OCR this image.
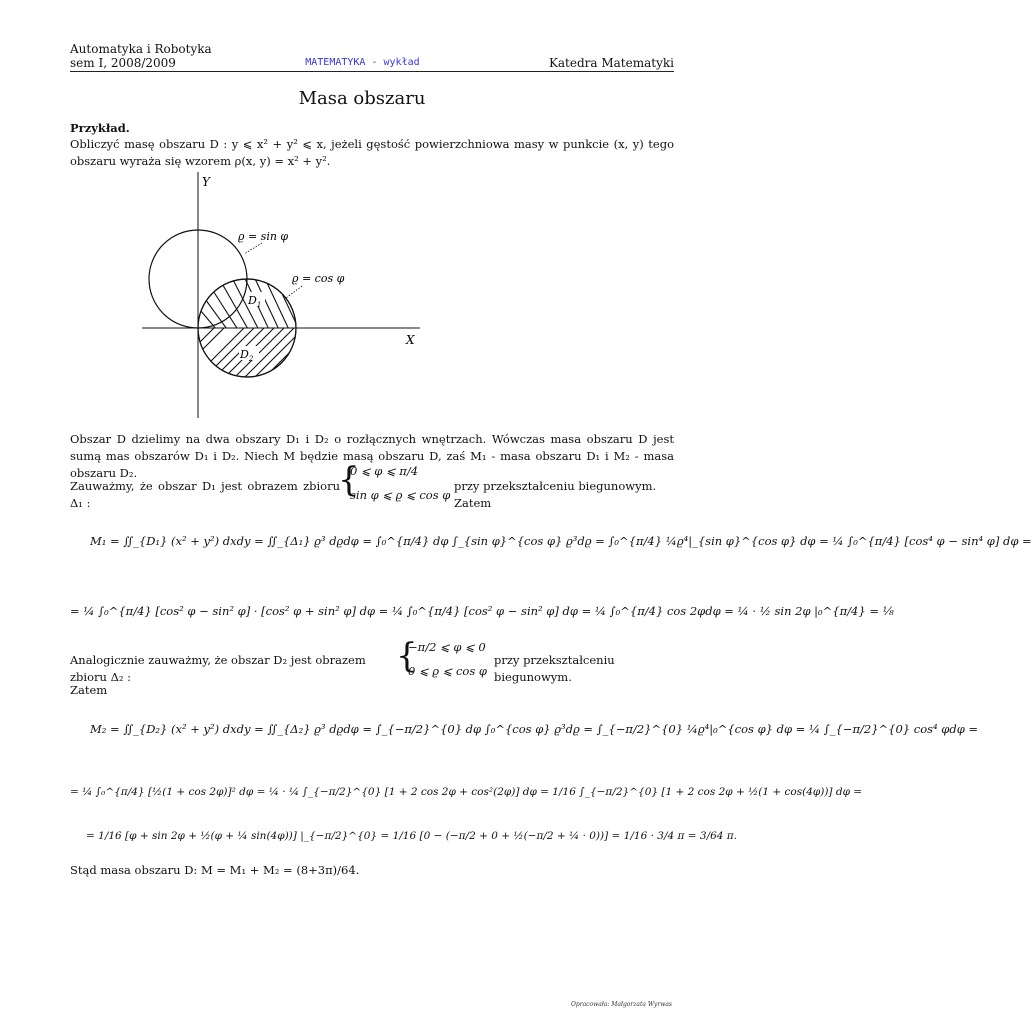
Automatyka i Robotyka
sem I, 2008/2009	MATEMATYKA - wykład	Katedra Matematyki
Masa obszaru
Przykład.
Obliczyć masę obszaru D : y ⩽ x² + y² ⩽ x, jeżeli gęstość powierzchniowa masy w punkcie (x, y) tego obszaru wyraża się wzorem ρ(x, y) = x² + y².
Y
X
ϱ = sin φ
ϱ = cos φ
$D_1$
$D_2$
Obszar D dzielimy na dwa obszary D₁ i D₂ o rozłącznych wnętrzach. Wówczas masa obszaru D jest sumą mas obszarów D₁ i D₂. Niech M będzie masą obszaru D, zaś M₁ - masa obszaru D₁ i M₂ - masa obszaru D₂.
Zauważmy, że obszar D₁ jest obrazem zbioru Δ₁ :
{
0 ⩽ φ ⩽ π/4
sin φ ⩽ ϱ ⩽ cos φ
przy przekształceniu biegunowym. Zatem
M₁ = ∬_{D₁} (x² + y²) dxdy = ∬_{Δ₁} ϱ³ dϱdφ = ∫₀^{π/4} dφ ∫_{sin φ}^{cos φ} ϱ³dϱ = ∫₀^{π/4} ¼ϱ⁴|_{sin φ}^{cos φ} dφ = ¼ ∫₀^{π/4} [cos⁴ φ − sin⁴ φ] dφ =
= ¼ ∫₀^{π/4} [cos² φ − sin² φ] · [cos² φ + sin² φ] dφ = ¼ ∫₀^{π/4} [cos² φ − sin² φ] dφ = ¼ ∫₀^{π/4} cos 2φdφ = ¼ · ½ sin 2φ |₀^{π/4} = ⅛
Analogicznie zauważmy, że obszar D₂ jest obrazem zbioru Δ₂ :
{
−π/2 ⩽ φ ⩽ 0
0 ⩽ ϱ ⩽ cos φ
przy przekształceniu biegunowym.
Zatem
M₂ = ∬_{D₂} (x² + y²) dxdy = ∬_{Δ₂} ϱ³ dϱdφ = ∫_{−π/2}^{0} dφ ∫₀^{cos φ} ϱ³dϱ = ∫_{−π/2}^{0} ¼ϱ⁴|₀^{cos φ} dφ = ¼ ∫_{−π/2}^{0} cos⁴ φdφ =
= ¼ ∫₀^{π/4} [½(1 + cos 2φ)]² dφ = ¼ · ¼ ∫_{−π/2}^{0} [1 + 2 cos 2φ + cos²(2φ)] dφ = 1/16 ∫_{−π/2}^{0} [1 + 2 cos 2φ + ½(1 + cos(4φ))] dφ =
= 1/16 [φ + sin 2φ + ½(φ + ¼ sin(4φ))] |_{−π/2}^{0} = 1/16 [0 − (−π/2 + 0 + ½(−π/2 + ¼ · 0))] = 1/16 · 3/4 π = 3/64 π.
Stąd masa obszaru D: M = M₁ + M₂ = (8+3π)/64.
Opracowała: Małgorzata Wyrwas
